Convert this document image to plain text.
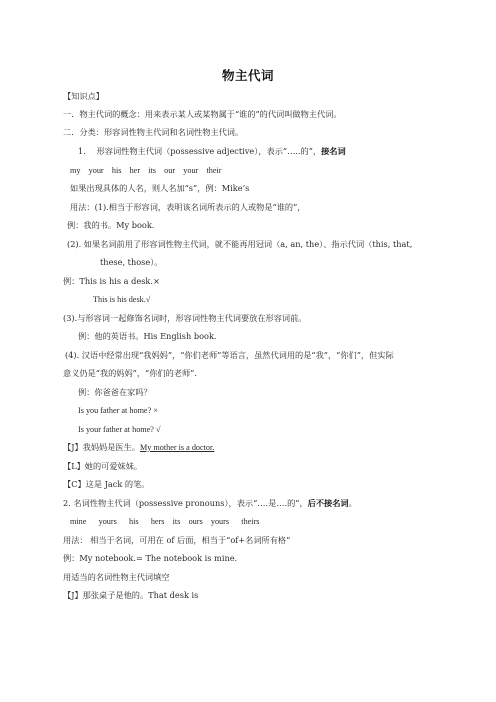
物主代词
【知识点】
一．物主代词的概念：用来表示某人或某物属于“谁的”的代词叫做物主代词。
二．分类：形容词性物主代词和名词性物主代词。
1.　 形容词性物主代词（possessive adjective），表示“…..的”，接名词
my　your　his　her　its　our　your　their
如果出现具体的人名，则人名加“s”，例：Mike’s
用法：(1).相当于形容词，表明该名词所表示的人或物是“谁的”，
例：我的书。My book.
(2). 如果名词前用了形容词性物主代词，就不能再用冠词（a, an, the）、指示代词（this, that,
these, those）。
例：This is his a desk.×
This is his desk.√
(3).与形容词一起修饰名词时，形容词性物主代词要放在形容词前。
例：他的英语书。His English book.
(4). 汉语中经常出现“我妈妈”，“你们老师”等语言，虽然代词用的是“我”，“你们”，但实际
意义仍是“我的妈妈”，“你们的老师”.
例：你爸爸在家吗？
Is you father at home? ×
Is your father at home? √
【J】我妈妈是医生。My mother is a doctor.
【L】她的可爱妹妹。
【C】这是 Jack 的笔。
2. 名词性物主代词（possessive pronouns），表示“….是….的”，后不接名词。
mine　 yours　 his　 hers　its　ours　yours　 theirs
用法： 相当于名词，可用在 of 后面，相当于“of+名词所有格”
例：My notebook.= The notebook is mine.
用适当的名词性物主代词填空
【J】那张桌子是他的。That desk is
